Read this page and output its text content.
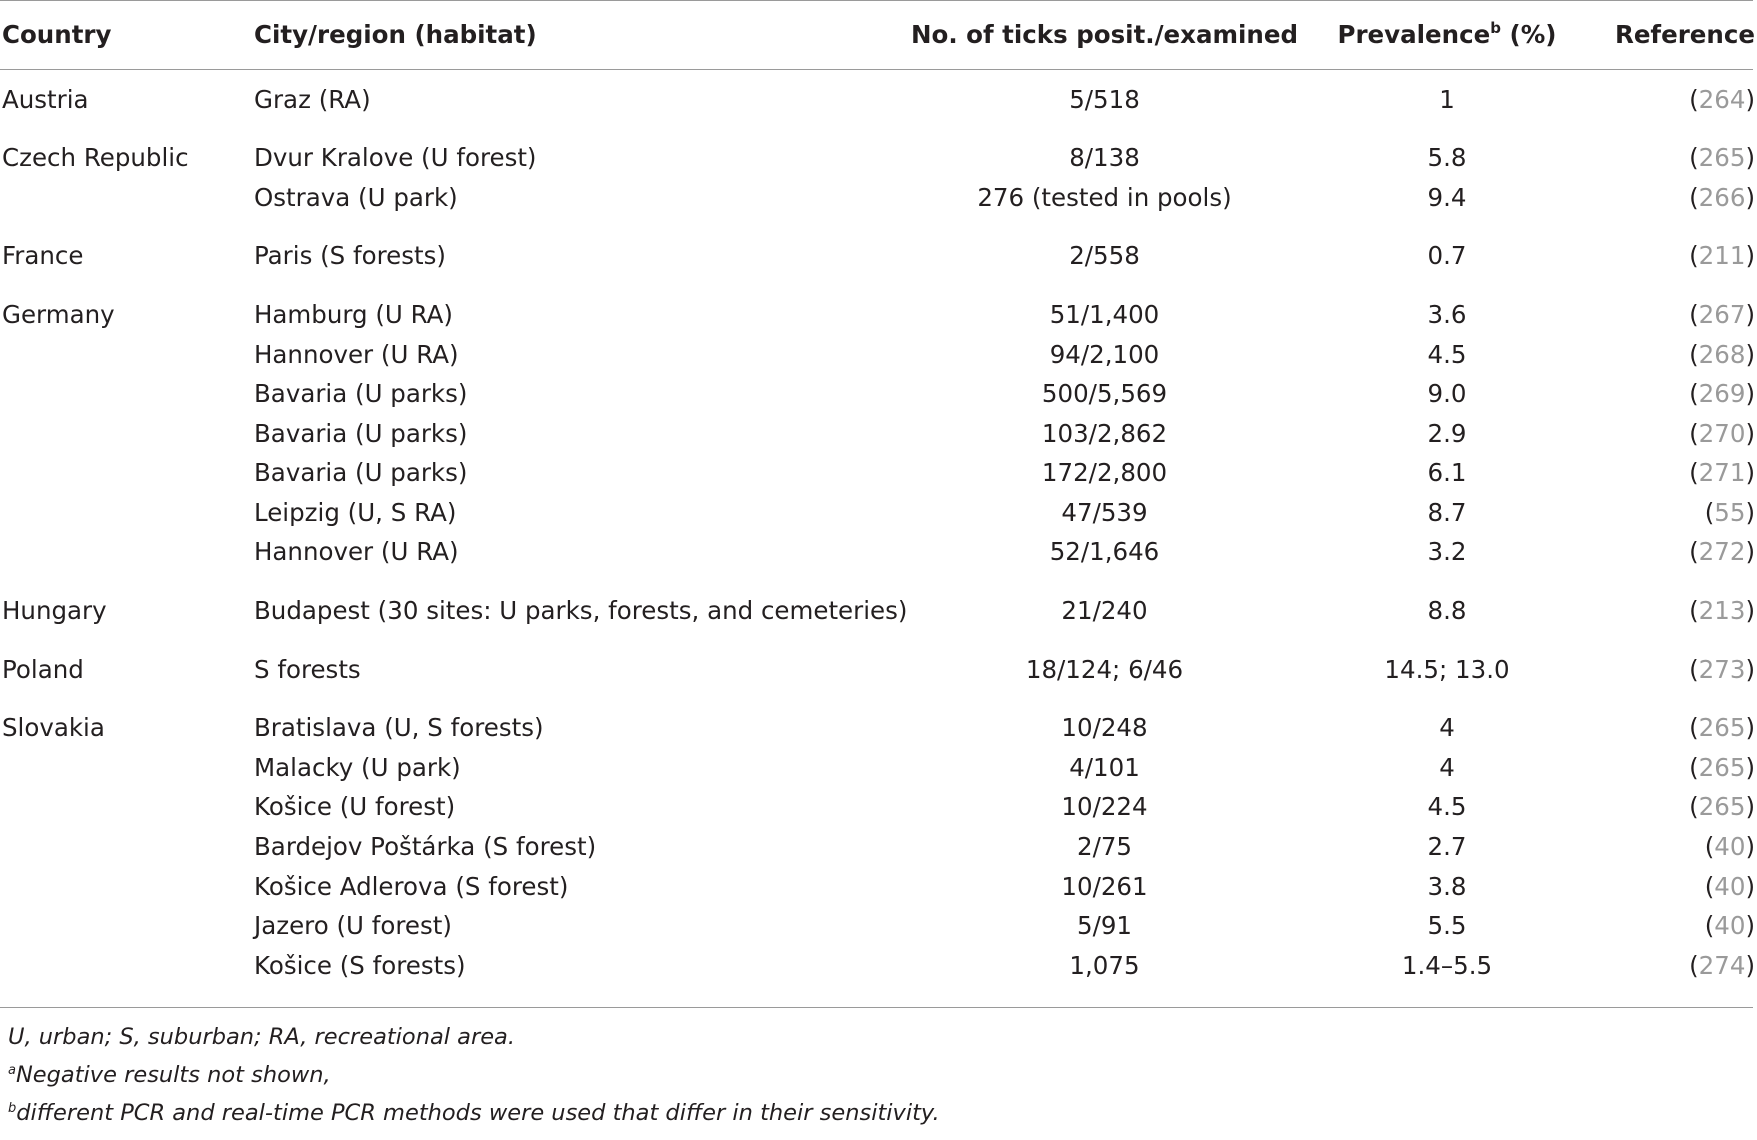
Country	City/region (habitat)	No. of ticks posit./examined	Prevalence$^b$ (%)	Reference

Austria	Graz (RA)	5/518	1	(264)

Czech Republic	Dvur Kralove (U forest)	8/138	5.8	(265)
	Ostrava (U park)	276 (tested in pools)	9.4	(266)

France	Paris (S forests)	2/558	0.7	(211)

Germany	Hamburg (U RA)	51/1,400	3.6	(267)
	Hannover (U RA)	94/2,100	4.5	(268)
	Bavaria (U parks)	500/5,569	9.0	(269)
	Bavaria (U parks)	103/2,862	2.9	(270)
	Bavaria (U parks)	172/2,800	6.1	(271)
	Leipzig (U, S RA)	47/539	8.7	(55)
	Hannover (U RA)	52/1,646	3.2	(272)

Hungary	Budapest (30 sites: U parks, forests, and cemeteries)	21/240	8.8	(213)

Poland	S forests	18/124; 6/46	14.5; 13.0	(273)

Slovakia	Bratislava (U, S forests)	10/248	4	(265)
	Malacky (U park)	4/101	4	(265)
	Košice (U forest)	10/224	4.5	(265)
	Bardejov Poštárka (S forest)	2/75	2.7	(40)
	Košice Adlerova (S forest)	10/261	3.8	(40)
	Jazero (U forest)	5/91	5.5	(40)
	Košice (S forests)	1,075	1.4–5.5	(274)
U, urban; S, suburban; RA, recreational area.
$^a$Negative results not shown,
$^b$different PCR and real-time PCR methods were used that differ in their sensitivity.
